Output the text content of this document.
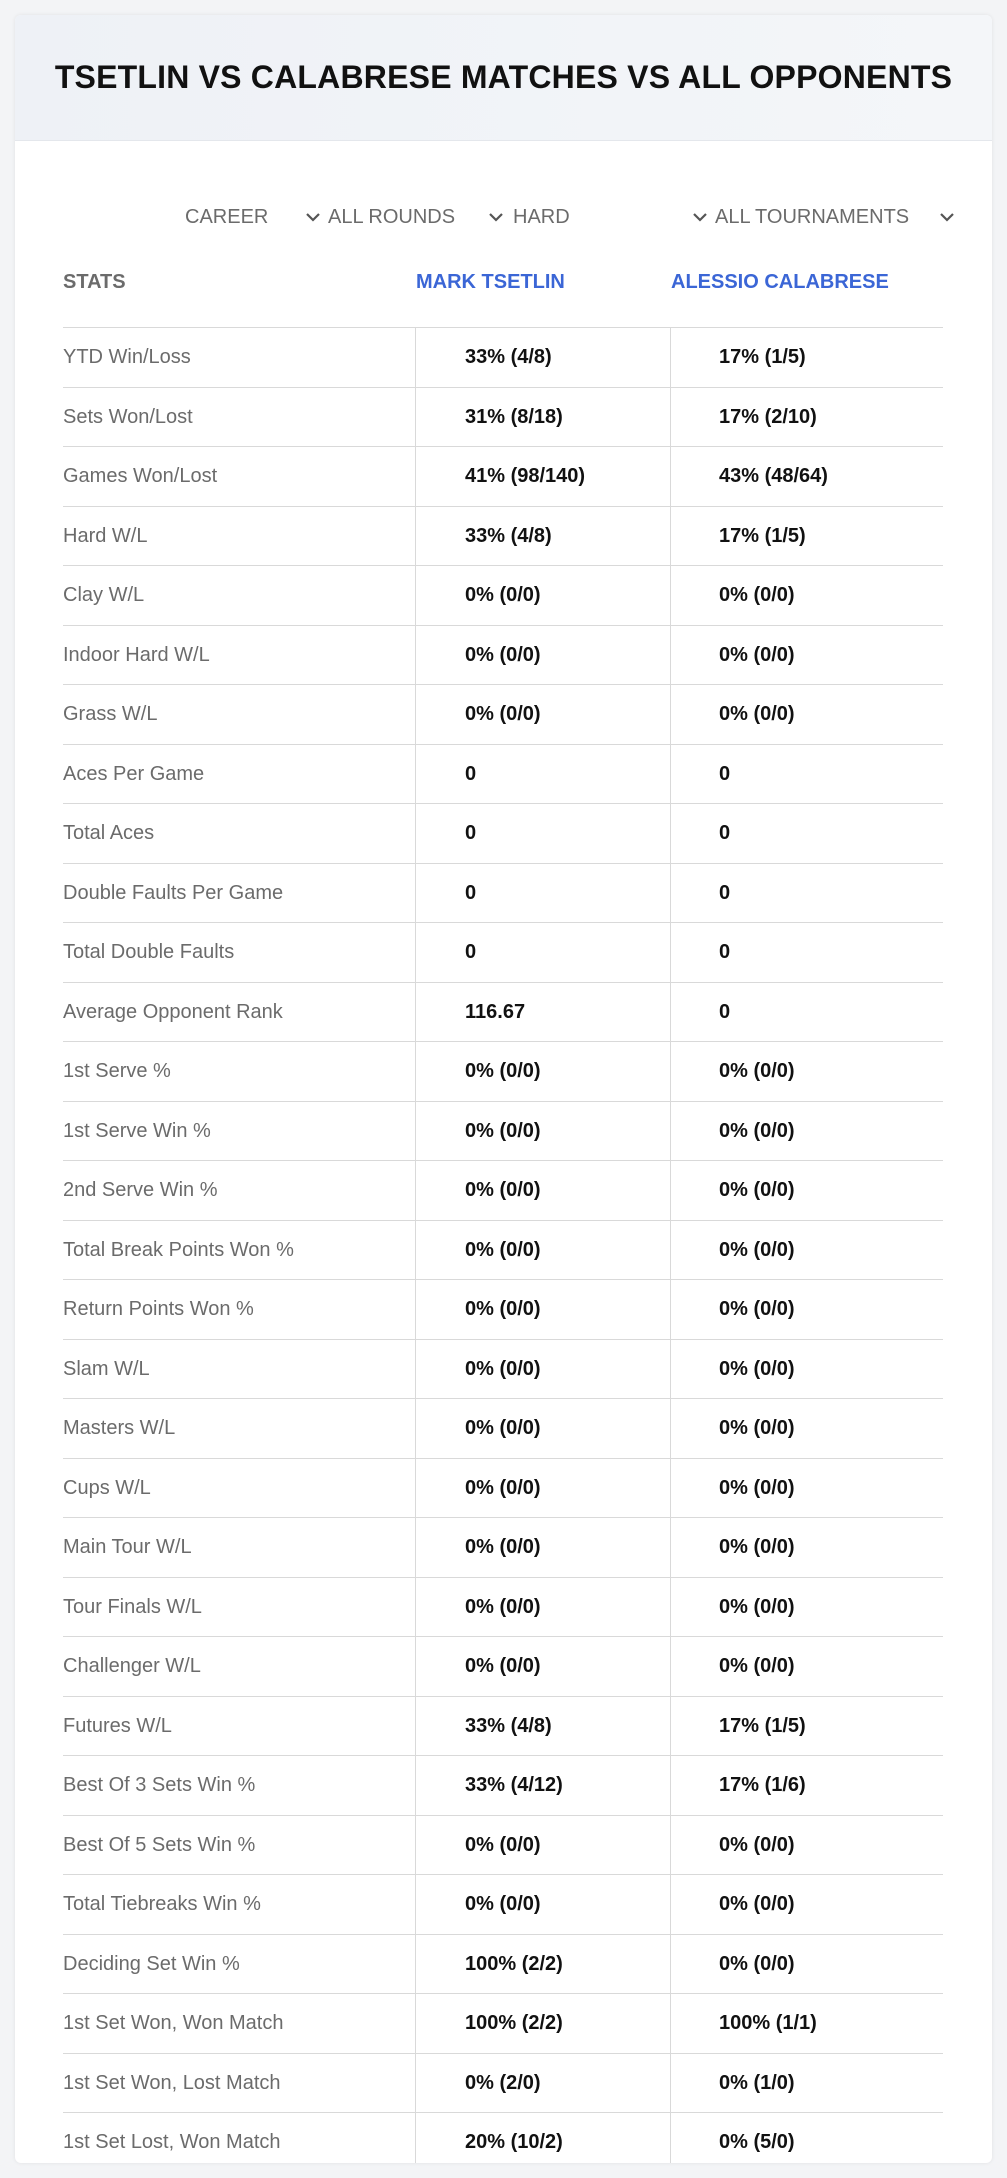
TSETLIN VS CALABRESE MATCHES VS ALL OPPONENTS
CAREER	ALL ROUNDS	HARD	ALL TOURNAMENTS
STATS	MARK TSETLIN	ALESSIO CALABRESE
YTD Win/Loss	33% (4/8)	17% (1/5)
Sets Won/Lost	31% (8/18)	17% (2/10)
Games Won/Lost	41% (98/140)	43% (48/64)
Hard W/L	33% (4/8)	17% (1/5)
Clay W/L	0% (0/0)	0% (0/0)
Indoor Hard W/L	0% (0/0)	0% (0/0)
Grass W/L	0% (0/0)	0% (0/0)
Aces Per Game	0	0
Total Aces	0	0
Double Faults Per Game	0	0
Total Double Faults	0	0
Average Opponent Rank	116.67	0
1st Serve %	0% (0/0)	0% (0/0)
1st Serve Win %	0% (0/0)	0% (0/0)
2nd Serve Win %	0% (0/0)	0% (0/0)
Total Break Points Won %	0% (0/0)	0% (0/0)
Return Points Won %	0% (0/0)	0% (0/0)
Slam W/L	0% (0/0)	0% (0/0)
Masters W/L	0% (0/0)	0% (0/0)
Cups W/L	0% (0/0)	0% (0/0)
Main Tour W/L	0% (0/0)	0% (0/0)
Tour Finals W/L	0% (0/0)	0% (0/0)
Challenger W/L	0% (0/0)	0% (0/0)
Futures W/L	33% (4/8)	17% (1/5)
Best Of 3 Sets Win %	33% (4/12)	17% (1/6)
Best Of 5 Sets Win %	0% (0/0)	0% (0/0)
Total Tiebreaks Win %	0% (0/0)	0% (0/0)
Deciding Set Win %	100% (2/2)	0% (0/0)
1st Set Won, Won Match	100% (2/2)	100% (1/1)
1st Set Won, Lost Match	0% (2/0)	0% (1/0)
1st Set Lost, Won Match	20% (10/2)	0% (5/0)
